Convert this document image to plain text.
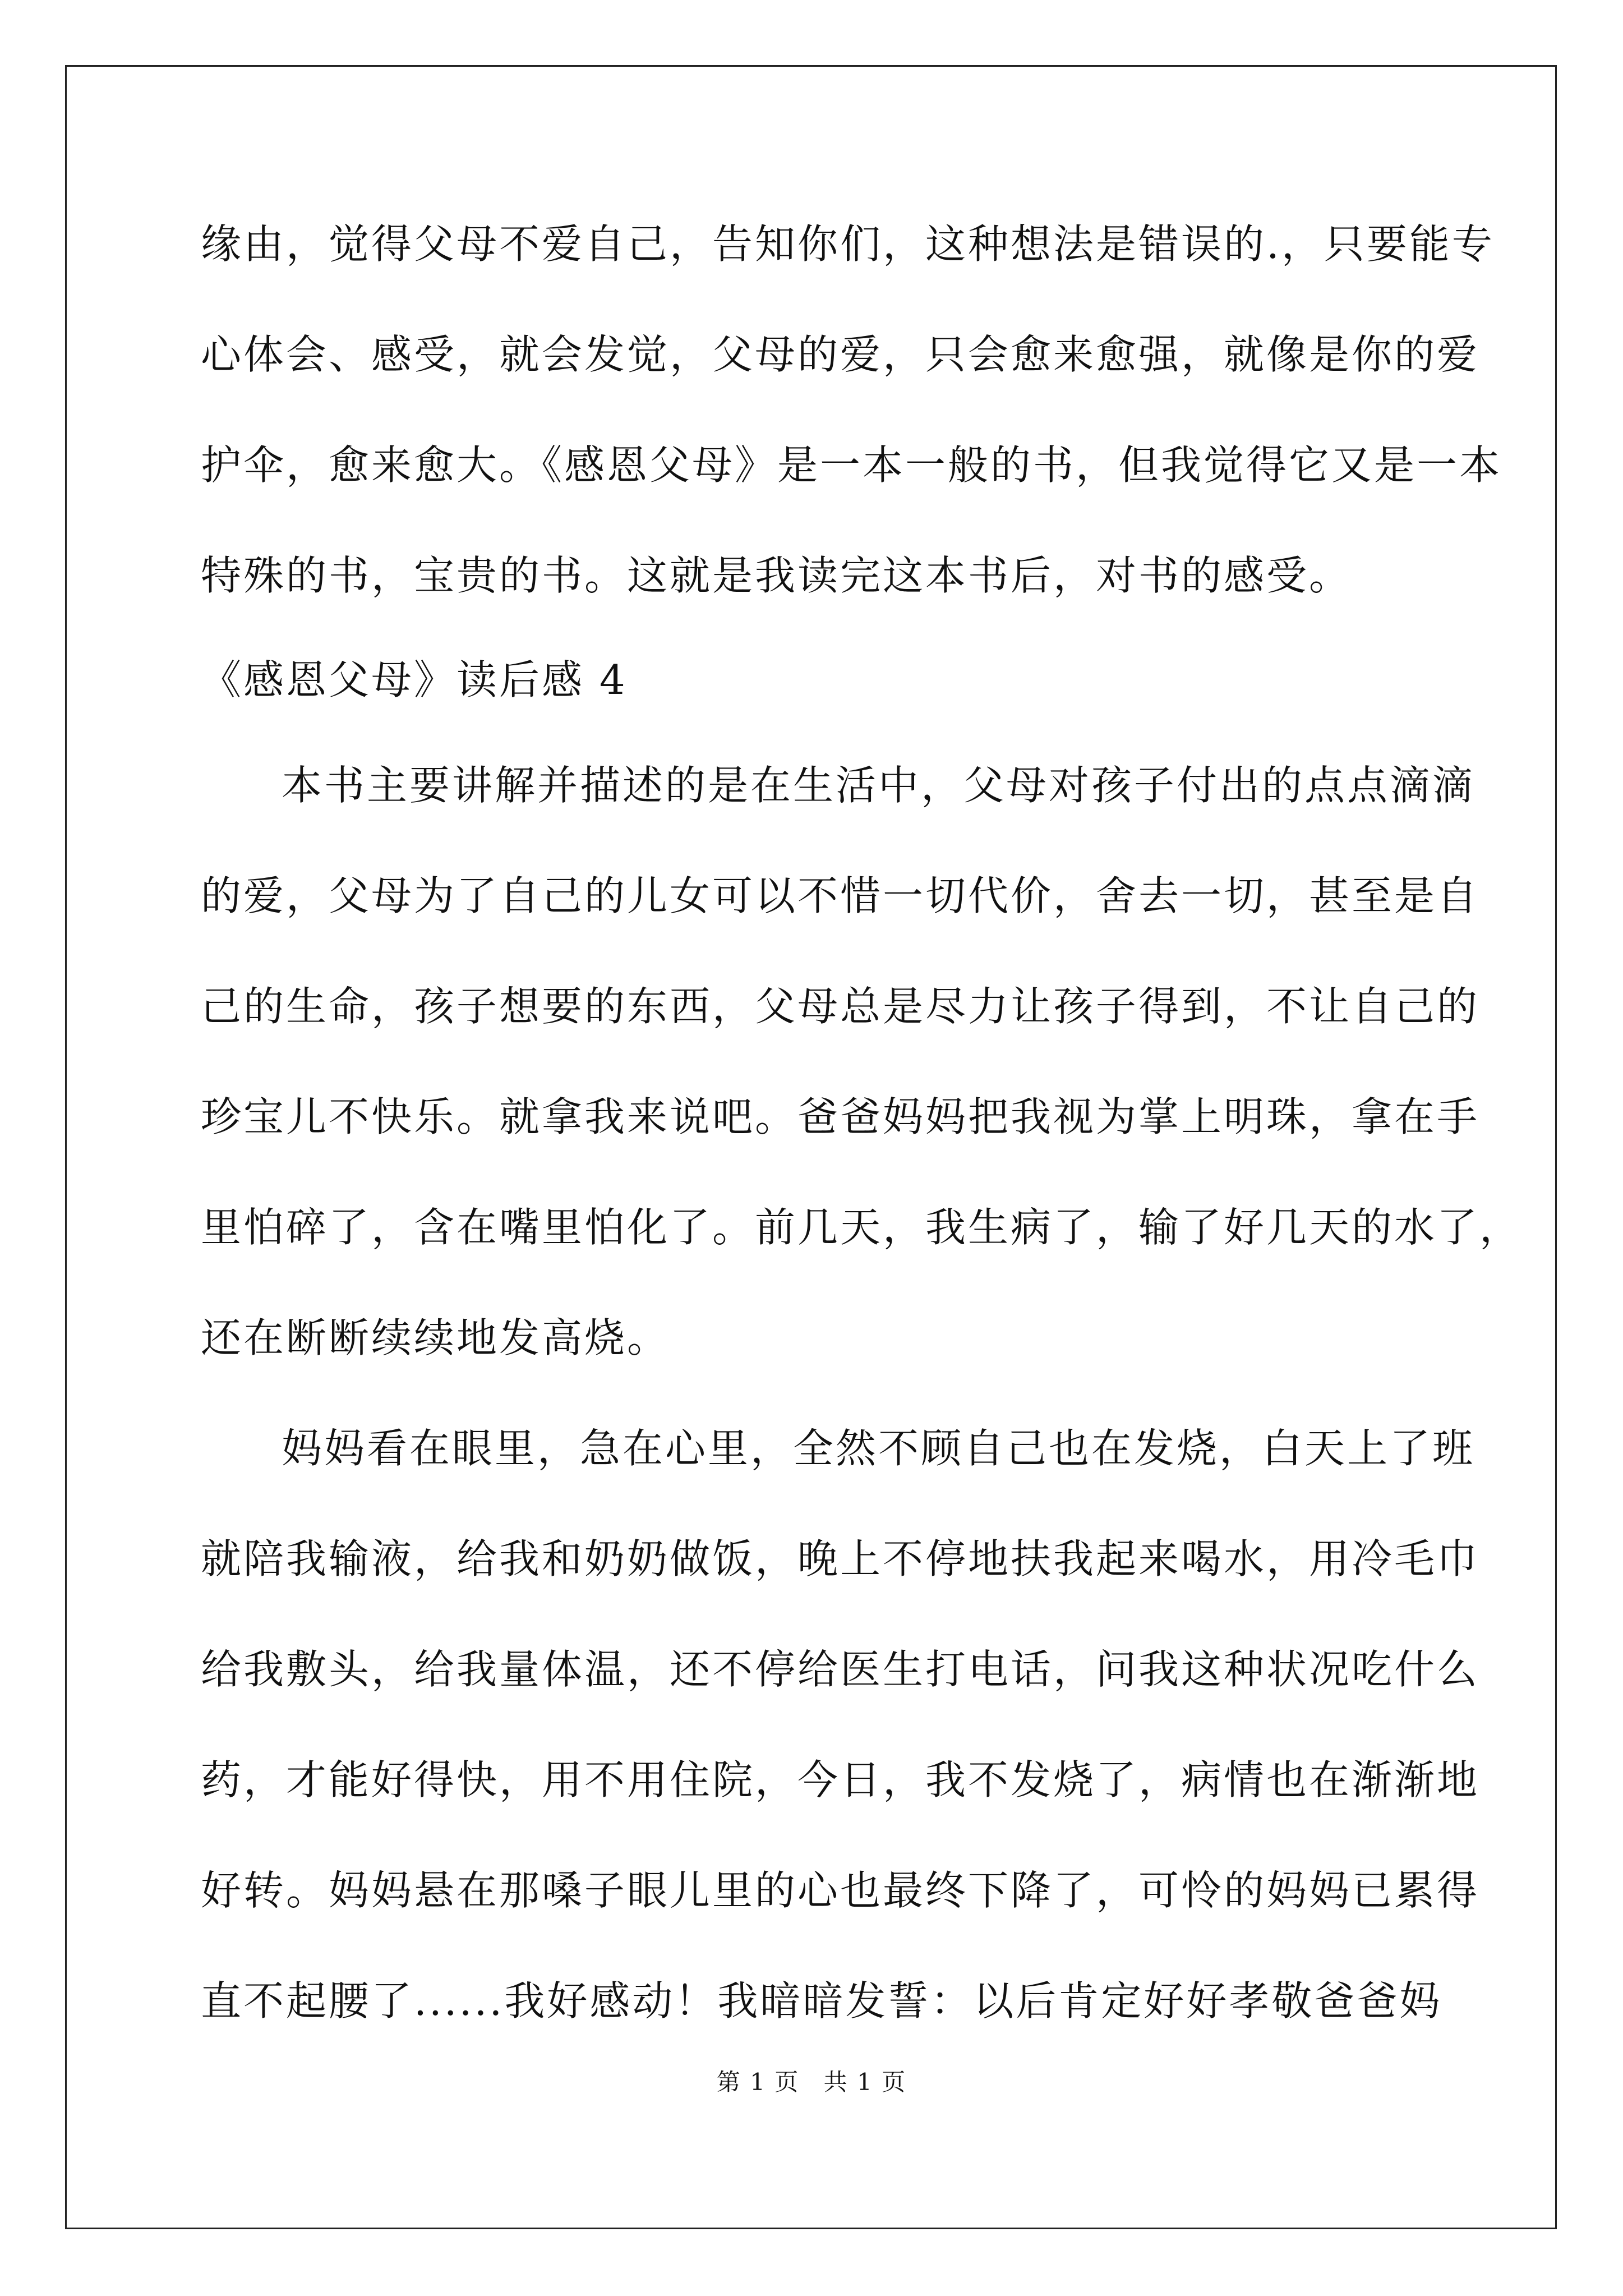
缘由，觉得父母不爱自己，告知你们，这种想法是错误的.，只要能专
心体会、感受，就会发觉，父母的爱，只会愈来愈强，就像是你的爱
护伞，愈来愈大。《感恩父母》是一本一般的书，但我觉得它又是一本
特殊的书，宝贵的书。这就是我读完这本书后，对书的感受。
《感恩父母》读后感 4
本书主要讲解并描述的是在生活中，父母对孩子付出的点点滴滴
的爱，父母为了自己的儿女可以不惜一切代价，舍去一切，甚至是自
己的生命，孩子想要的东西，父母总是尽力让孩子得到，不让自己的
珍宝儿不快乐。就拿我来说吧。爸爸妈妈把我视为掌上明珠，拿在手
里怕碎了，含在嘴里怕化了。前几天，我生病了，输了好几天的水了，
还在断断续续地发高烧。
妈妈看在眼里，急在心里，全然不顾自己也在发烧，白天上了班
就陪我输液，给我和奶奶做饭，晚上不停地扶我起来喝水，用冷毛巾
给我敷头，给我量体温，还不停给医生打电话，问我这种状况吃什么
药，才能好得快，用不用住院，今日，我不发烧了，病情也在渐渐地
好转。妈妈悬在那嗓子眼儿里的心也最终下降了，可怜的妈妈已累得
直不起腰了......我好感动！我暗暗发誓：以后肯定好好孝敬爸爸妈
第 1 页 共 1 页
